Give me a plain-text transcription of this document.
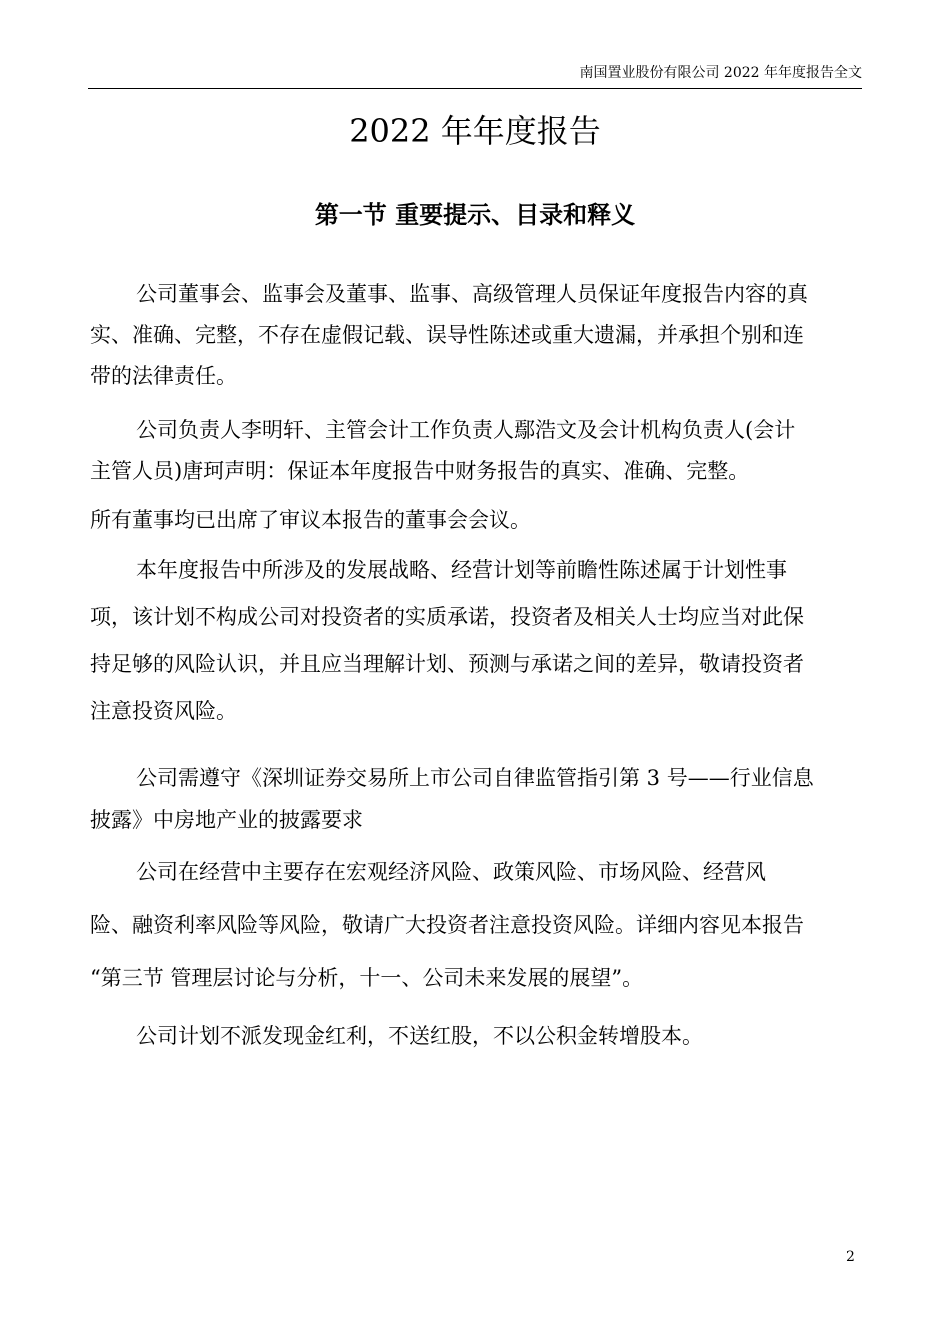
南国置业股份有限公司 2022 年年度报告全文
2022 年年度报告
第一节 重要提示、目录和释义
公司董事会、监事会及董事、监事、高级管理人员保证年度报告内容的真
实、准确、完整，不存在虚假记载、误导性陈述或重大遗漏，并承担个别和连
带的法律责任。
公司负责人李明轩、主管会计工作负责人鄢浩文及会计机构负责人(会计
主管人员)唐珂声明：保证本年度报告中财务报告的真实、准确、完整。
所有董事均已出席了审议本报告的董事会会议。
本年度报告中所涉及的发展战略、经营计划等前瞻性陈述属于计划性事
项，该计划不构成公司对投资者的实质承诺，投资者及相关人士均应当对此保
持足够的风险认识，并且应当理解计划、预测与承诺之间的差异，敬请投资者
注意投资风险。
公司需遵守《深圳证券交易所上市公司自律监管指引第 3 号——行业信息
披露》中房地产业的披露要求
公司在经营中主要存在宏观经济风险、政策风险、市场风险、经营风
险、融资利率风险等风险，敬请广大投资者注意投资风险。详细内容见本报告
“第三节 管理层讨论与分析，十一、公司未来发展的展望”。
公司计划不派发现金红利，不送红股，不以公积金转增股本。
2
